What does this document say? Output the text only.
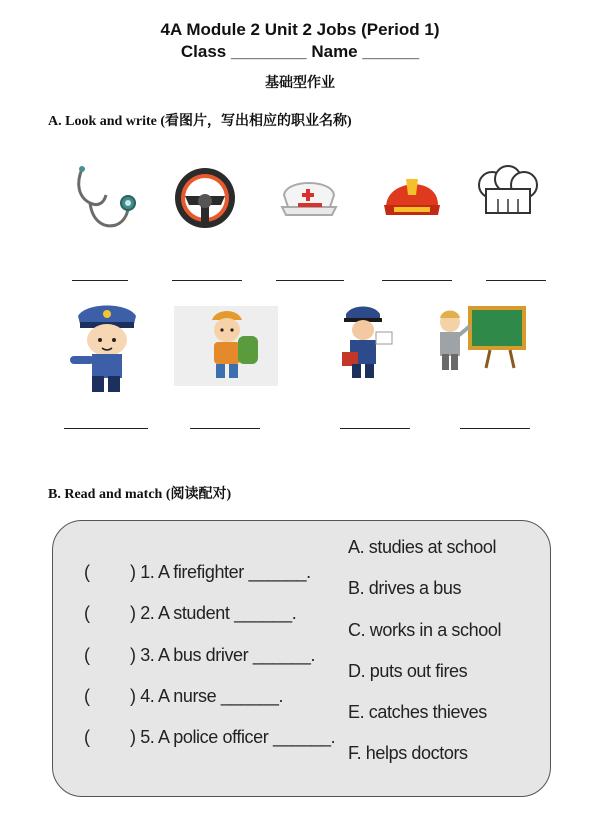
4A Module 2 Unit 2 Jobs (Period 1)
Class ________ Name ______
基础型作业
A. Look and write (看图片，写出相应的职业名称)
B. Read and match (阅读配对)
( ) 1. A firefighter ______.
( ) 2. A student ______.
( ) 3. A bus driver ______.
( ) 4. A nurse ______.
( ) 5. A police officer ______.
A. studies at school
B. drives a bus
C. works in a school
D. puts out fires
E. catches thieves
F. helps doctors
